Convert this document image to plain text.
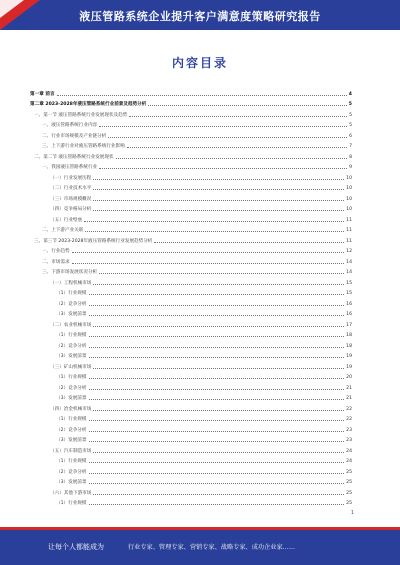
液压管路系统企业提升客户满意度策略研究报告
内容目录
第一章 前言	4
第二章 2023-2028年液压管路系统行业前景及趋势分析	5
一、第一节 液压管路系统行业发展现状及趋势	5
一、液压管路系统行业内容	5
二、行业市场规模及产业链分析	6
三、上下游行业对液压管路系统行业影响	7
二、第二节 液压管路系统行业发展现状	8
一、我国液压管路系统行业	9
（一）行业发展历程	10
（二）行业技术水平	10
（三）市场规模概况	10
（四）竞争格局分析	10
（五）行业壁垒	11
二、上下游产业关联	11
三、第三节 2023-2028年液压管路系统行业发展趋势分析	11
一、行业趋势	12
二、市场需求	14
三、下游市场发展状况分析	14
（一）工程机械市场	15
（1）行业规模	15
（2）竞争分析	16
（3）发展前景	16
（二）农业机械市场	17
（1）行业规模	18
（2）竞争分析	18
（3）发展前景	19
（三）矿山机械市场	19
（1）行业规模	20
（2）竞争分析	21
（3）发展前景	21
（四）冶金机械市场	22
（1）行业规模	22
（2）竞争分析	23
（3）发展前景	23
（五）汽车制造市场	24
（1）行业规模	24
（2）竞争分析	25
（3）发展前景	25
（六）其他下游市场	25
（1）行业规模	25
1
让每个人都能成为	行业专家、管理专家、营销专家、战略专家、成功企业家……
